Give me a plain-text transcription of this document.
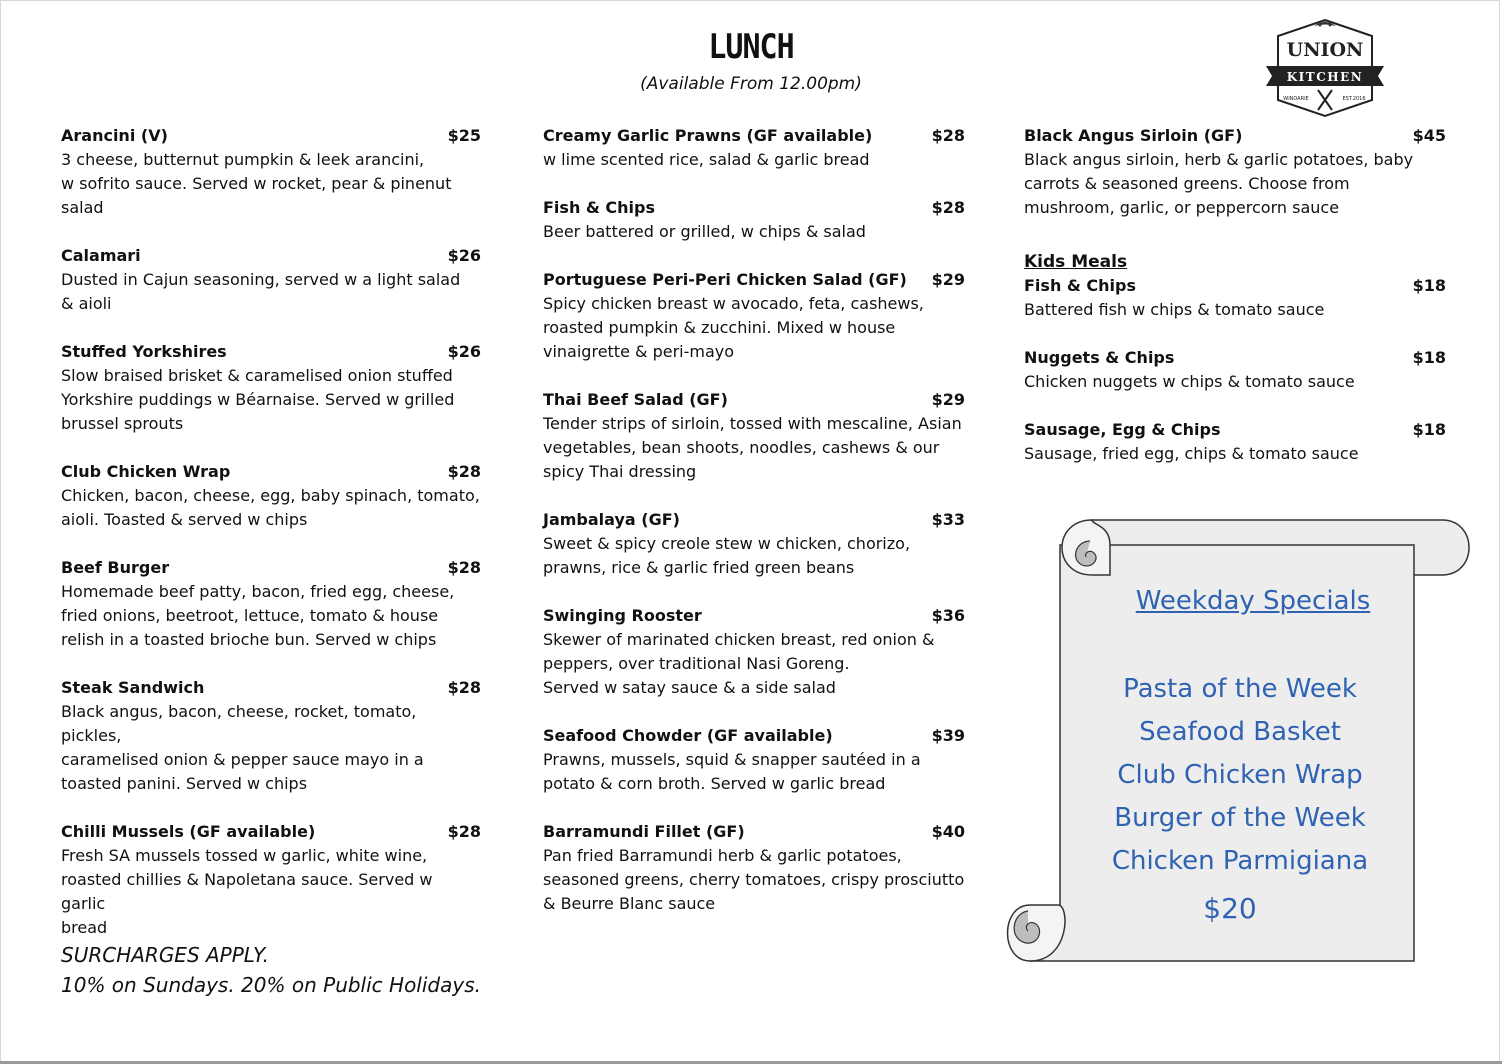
LUNCH
(Available From 12.00pm)
UNION
KITCHEN
WINDARIE	EST.2016
Arancini (V)	$25
3 cheese, butternut pumpkin & leek arancini,
w sofrito sauce. Served w rocket, pear & pinenut
salad
Calamari	$26
Dusted in Cajun seasoning, served w a light salad
& aioli
Stuffed Yorkshires	$26
Slow braised brisket & caramelised onion stuffed
Yorkshire puddings w Béarnaise. Served w grilled
brussel sprouts
Club Chicken Wrap	$28
Chicken, bacon, cheese, egg, baby spinach, tomato,
aioli. Toasted & served w chips
Beef Burger	$28
Homemade beef patty, bacon, fried egg, cheese,
fried onions, beetroot, lettuce, tomato & house
relish in a toasted brioche bun. Served w chips
Steak Sandwich	$28
Black angus, bacon, cheese, rocket, tomato, pickles,
caramelised onion & pepper sauce mayo in a
toasted panini. Served w chips
Chilli Mussels (GF available)	$28
Fresh SA mussels tossed w garlic, white wine,
roasted chillies & Napoletana sauce. Served w garlic
bread
Creamy Garlic Prawns (GF available)	$28
w lime scented rice, salad & garlic bread
Fish & Chips	$28
Beer battered or grilled, w chips & salad
Portuguese Peri-Peri Chicken Salad (GF) $29
Spicy chicken breast w avocado, feta, cashews,
roasted pumpkin & zucchini. Mixed w house
vinaigrette & peri-mayo
Thai Beef Salad (GF)	$29
Tender strips of sirloin, tossed with mescaline, Asian
vegetables, bean shoots, noodles, cashews & our
spicy Thai dressing
Jambalaya (GF)	$33
Sweet & spicy creole stew w chicken, chorizo,
prawns, rice & garlic fried green beans
Swinging Rooster	$36
Skewer of marinated chicken breast, red onion &
peppers, over traditional Nasi Goreng.
Served w satay sauce & a side salad
Seafood Chowder (GF available)	$39
Prawns, mussels, squid & snapper sautéed in a
potato & corn broth. Served w garlic bread
Barramundi Fillet (GF)	$40
Pan fried Barramundi herb & garlic potatoes,
seasoned greens, cherry tomatoes, crispy prosciutto
& Beurre Blanc sauce
Black Angus Sirloin (GF)	$45
Black angus sirloin, herb & garlic potatoes, baby
carrots & seasoned greens. Choose from
mushroom, garlic, or peppercorn sauce
Kids Meals
Fish & Chips	$18
Battered fish w chips & tomato sauce
Nuggets & Chips	$18
Chicken nuggets w chips & tomato sauce
Sausage, Egg & Chips	$18
Sausage, fried egg, chips & tomato sauce
Weekday Specials
Pasta of the Week
Seafood Basket
Club Chicken Wrap
Burger of the Week
Chicken Parmigiana
$20
SURCHARGES APPLY.
10% on Sundays. 20% on Public Holidays.
